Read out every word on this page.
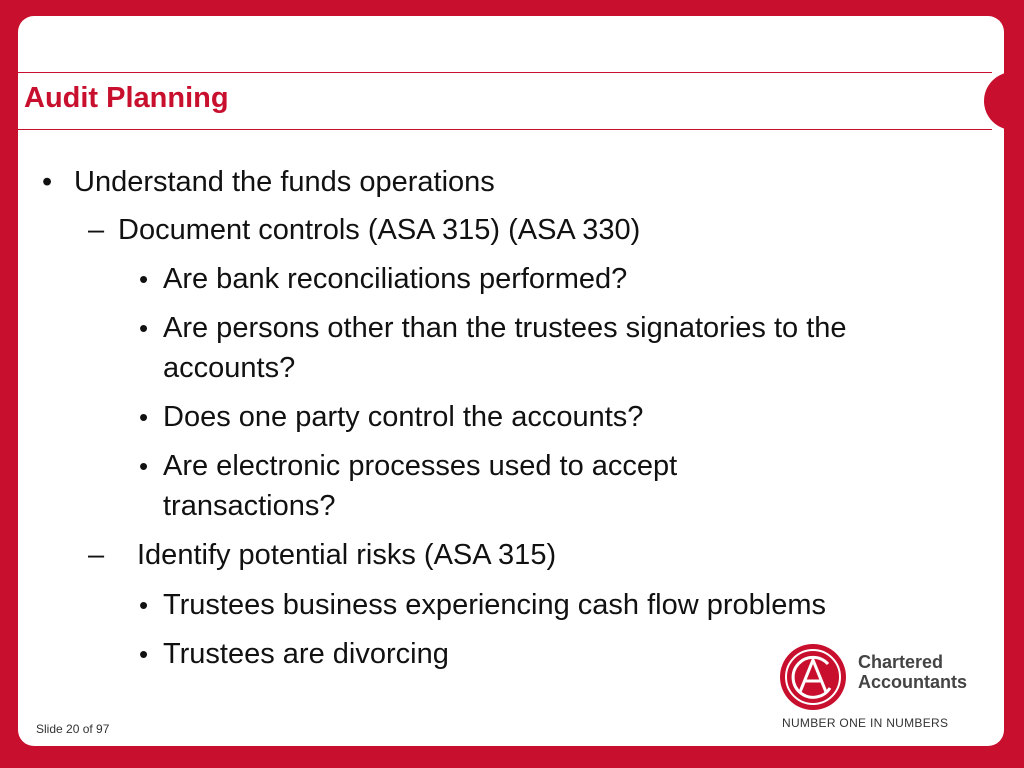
Audit Planning
• Understand the funds operations
– Document controls (ASA 315) (ASA 330)
• Are bank reconciliations performed?
• Are persons other than the trustees signatories to the accounts?
• Does one party control the accounts?
• Are electronic processes used to accept transactions?
– Identify potential risks (ASA 315)
• Trustees business experiencing cash flow problems
• Trustees are divorcing	Chartered
Accountants
NUMBER ONE IN NUMBERS
Slide 20 of 97
